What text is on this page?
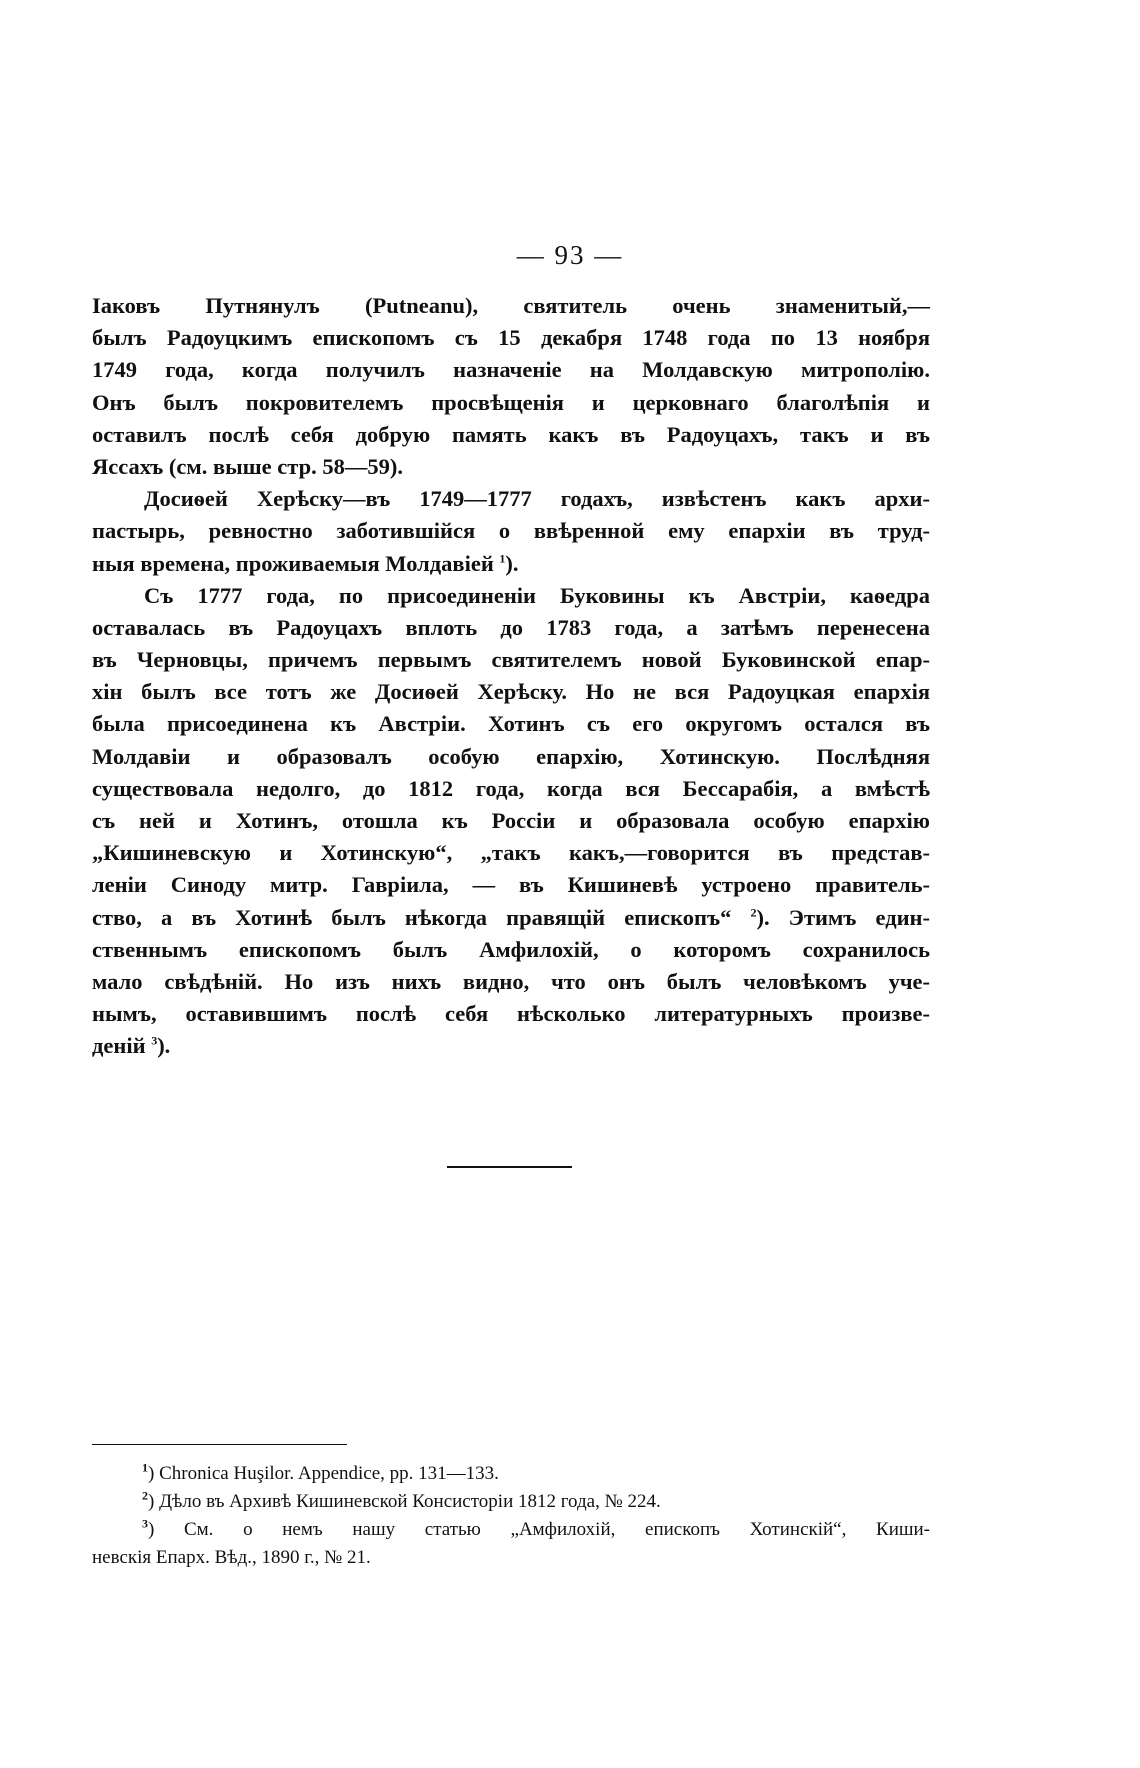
— 93 —
Іаковъ Путнянулъ (Putneanu), святитель очень знаменитый,—
былъ Радоуцкимъ епископомъ съ 15 декабря 1748 года по 13 ноября
1749 года, когда получилъ назначеніе на Молдавскую митрополію.
Онъ былъ покровителемъ просвѣщенія и церковнаго благолѣпія и
оставилъ послѣ себя добрую память какъ въ Радоуцахъ, такъ и въ
Яссахъ (см. выше стр. 58—59).
Досиѳей Херѣску—въ 1749—1777 годахъ, извѣстенъ какъ архи-
пастырь, ревностно заботившійся о ввѣренной ему епархіи въ труд-
ныя времена, проживаемыя Молдавіей $^1$).
Съ 1777 года, по присоединеніи Буковины къ Австріи, каѳедра
оставалась въ Радоуцахъ вплоть до 1783 года, а затѣмъ перенесена
въ Черновцы, причемъ первымъ святителемъ новой Буковинской епар-
хін былъ все тотъ же Досиѳей Херѣску. Но не вся Радоуцкая епархія
была присоединена къ Австріи. Хотинъ съ его округомъ остался въ
Молдавіи и образовалъ особую епархію, Хотинскую. Послѣдняя
существовала недолго, до 1812 года, когда вся Бессарабія, а вмѣстѣ
съ ней и Хотинъ, отошла къ Россіи и образовала особую епархію
„Кишиневскую и Хотинскую“, „такъ какъ,—говорится въ представ-
леніи Синоду митр. Гавріила, — въ Кишиневѣ устроено правитель-
ство, а въ Хотинѣ былъ нѣкогда правящій епископъ“ $^2$). Этимъ един-
ственнымъ епископомъ былъ Амфилохій, о которомъ сохранилось
мало свѣдѣній. Но изъ нихъ видно, что онъ былъ человѣкомъ уче-
нымъ, оставившимъ послѣ себя нѣсколько литературныхъ произве-
деній $^3$).
$^1$) Chronica Huşilor. Appendice, pp. 131—133.
$^2$) Дѣло въ Архивѣ Кишиневской Консисторіи 1812 года, № 224.
$^3$) См. о немъ нашу статью „Амфилохій, епископъ Хотинскій“, Киши-
невскія Епарх. Вѣд., 1890 г., № 21.
